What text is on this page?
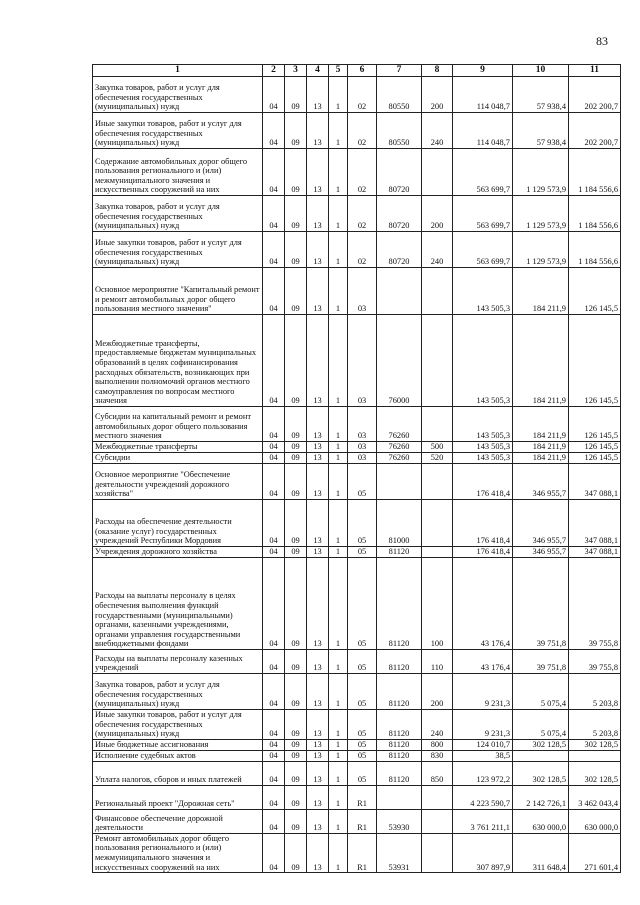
83
1	2	3	4	5	6	7	8	9	10	11
Закупка товаров, работ и услуг для обеспечения государственных (муниципальных) нужд	04	09	13	1	02	80550	200	114 048,7	57 938,4	202 200,7
Иные закупки товаров, работ и услуг для обеспечения государственных (муниципальных) нужд	04	09	13	1	02	80550	240	114 048,7	57 938,4	202 200,7
Содержание автомобильных дорог общего пользования регионального и (или) межмуниципального значения и искусственных сооружений на них	04	09	13	1	02	80720		563 699,7	1 129 573,9	1 184 556,6
Закупка товаров, работ и услуг для обеспечения государственных (муниципальных) нужд	04	09	13	1	02	80720	200	563 699,7	1 129 573,9	1 184 556,6
Иные закупки товаров, работ и услуг для обеспечения государственных (муниципальных) нужд	04	09	13	1	02	80720	240	563 699,7	1 129 573,9	1 184 556,6
Основное мероприятие "Капитальный ремонт и ремонт автомобильных дорог общего пользования местного значения"	04	09	13	1	03			143 505,3	184 211,9	126 145,5
Межбюджетные трансферты, предоставляемые бюджетам муниципальных образований в целях софинансирования расходных обязательств, возникающих при выполнении полномочий органов местного самоуправления по вопросам местного значения	04	09	13	1	03	76000		143 505,3	184 211,9	126 145,5
Субсидии на капитальный ремонт и ремонт автомобильных дорог общего пользования местного значения	04	09	13	1	03	76260		143 505,3	184 211,9	126 145,5
Межбюджетные трансферты	04	09	13	1	03	76260	500	143 505,3	184 211,9	126 145,5
Субсидии	04	09	13	1	03	76260	520	143 505,3	184 211,9	126 145,5
Основное мероприятие "Обеспечение деятельности учреждений дорожного хозяйства"	04	09	13	1	05			176 418,4	346 955,7	347 088,1
Расходы на обеспечение деятельности (оказание услуг) государственных учреждений Республики Мордовия	04	09	13	1	05	81000		176 418,4	346 955,7	347 088,1
Учреждения дорожного хозяйства	04	09	13	1	05	81120		176 418,4	346 955,7	347 088,1
Расходы на выплаты персоналу в целях обеспечения выполнения функций государственными (муниципальными) органами, казенными учреждениями, органами управления государственными внебюджетными фондами	04	09	13	1	05	81120	100	43 176,4	39 751,8	39 755,8
Расходы на выплаты персоналу казенных учреждений	04	09	13	1	05	81120	110	43 176,4	39 751,8	39 755,8
Закупка товаров, работ и услуг для обеспечения государственных (муниципальных) нужд	04	09	13	1	05	81120	200	9 231,3	5 075,4	5 203,8
Иные закупки товаров, работ и услуг для обеспечения государственных (муниципальных) нужд	04	09	13	1	05	81120	240	9 231,3	5 075,4	5 203,8
Иные бюджетные ассигнования	04	09	13	1	05	81120	800	124 010,7	302 128,5	302 128,5
Исполнение судебных актов	04	09	13	1	05	81120	830	38,5		
Уплата налогов, сборов и иных платежей	04	09	13	1	05	81120	850	123 972,2	302 128,5	302 128,5
Региональный проект "Дорожная сеть"	04	09	13	1	R1			4 223 590,7	2 142 726,1	3 462 043,4
Финансовое обеспечение дорожной деятельности	04	09	13	1	R1	53930		3 761 211,1	630 000,0	630 000,0
Ремонт автомобильных дорог общего пользования регионального и (или) межмуниципального значения и искусственных сооружений на них	04	09	13	1	R1	53931		307 897,9	311 648,4	271 601,4
